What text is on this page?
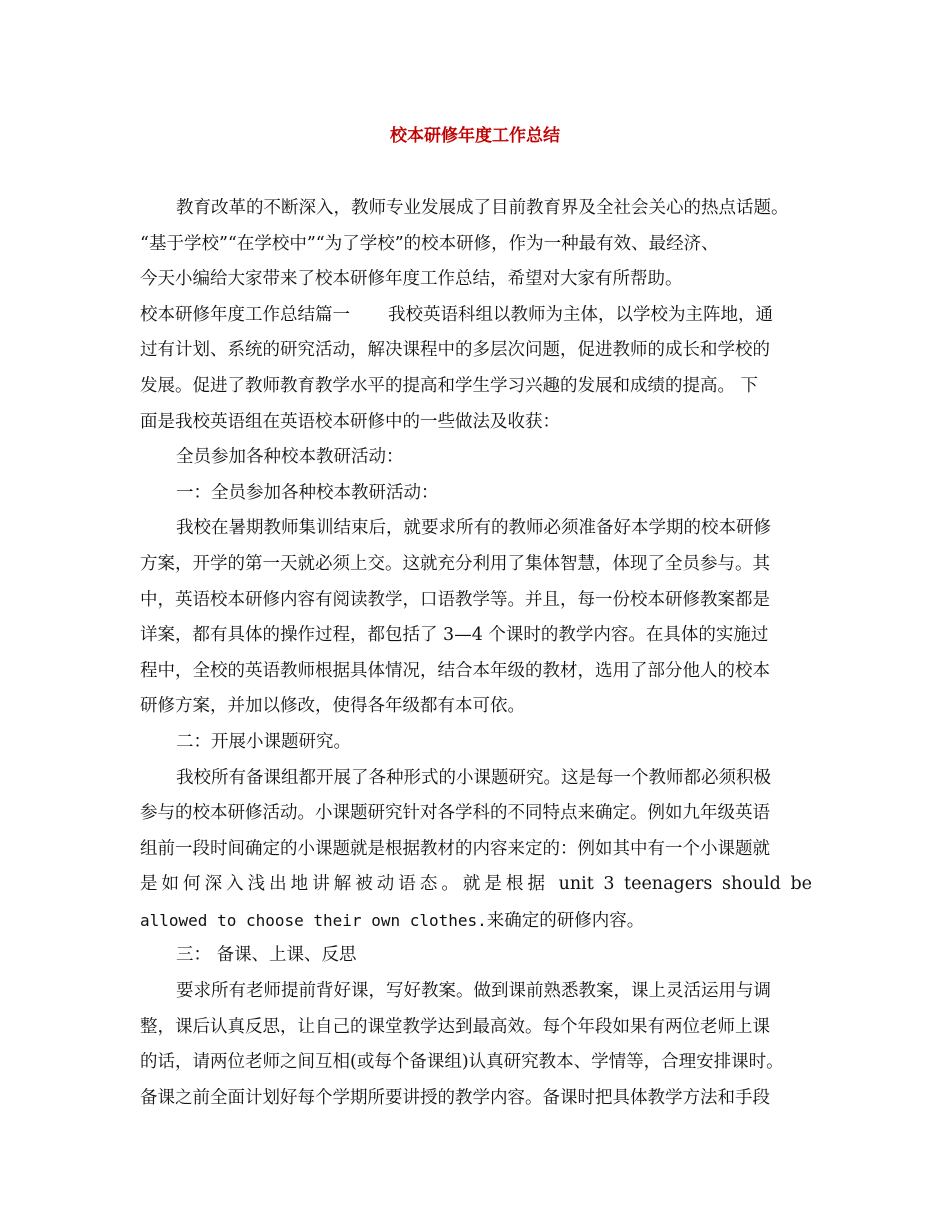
校本研修年度工作总结
教育改革的不断深入，教师专业发展成了目前教育界及全社会关心的热点话题。
“基于学校”“在学校中”“为了学校”的校本研修，作为一种最有效、最经济、
今天小编给大家带来了校本研修年度工作总结，希望对大家有所帮助。
校本研修年度工作总结篇一 我校英语科组以教师为主体，以学校为主阵地，通
过有计划、系统的研究活动，解决课程中的多层次问题，促进教师的成长和学校的
发展。促进了教师教育教学水平的提高和学生学习兴趣的发展和成绩的提高。 下
面是我校英语组在英语校本研修中的一些做法及收获：
全员参加各种校本教研活动：
一：全员参加各种校本教研活动：
我校在暑期教师集训结束后，就要求所有的教师必须准备好本学期的校本研修
方案，开学的第一天就必须上交。这就充分利用了集体智慧，体现了全员参与。其
中，英语校本研修内容有阅读教学，口语教学等。并且，每一份校本研修教案都是
详案，都有具体的操作过程，都包括了 3—4 个课时的教学内容。在具体的实施过
程中，全校的英语教师根据具体情况，结合本年级的教材，选用了部分他人的校本
研修方案，并加以修改，使得各年级都有本可依。
二：开展小课题研究。
我校所有备课组都开展了各种形式的小课题研究。这是每一个教师都必须积极
参与的校本研修活动。小课题研究针对各学科的不同特点来确定。例如九年级英语
组前一段时间确定的小课题就是根据教材的内容来定的：例如其中有一个小课题就
是如何深入浅出地讲解被动语态。就是根据 unit 3 teenagers should be
allowed to choose their own clothes.来确定的研修内容。
三： 备课、上课、反思
要求所有老师提前背好课，写好教案。做到课前熟悉教案，课上灵活运用与调
整，课后认真反思，让自己的课堂教学达到最高效。每个年段如果有两位老师上课
的话，请两位老师之间互相(或每个备课组)认真研究教本、学情等，合理安排课时。
备课之前全面计划好每个学期所要讲授的教学内容。备课时把具体教学方法和手段
